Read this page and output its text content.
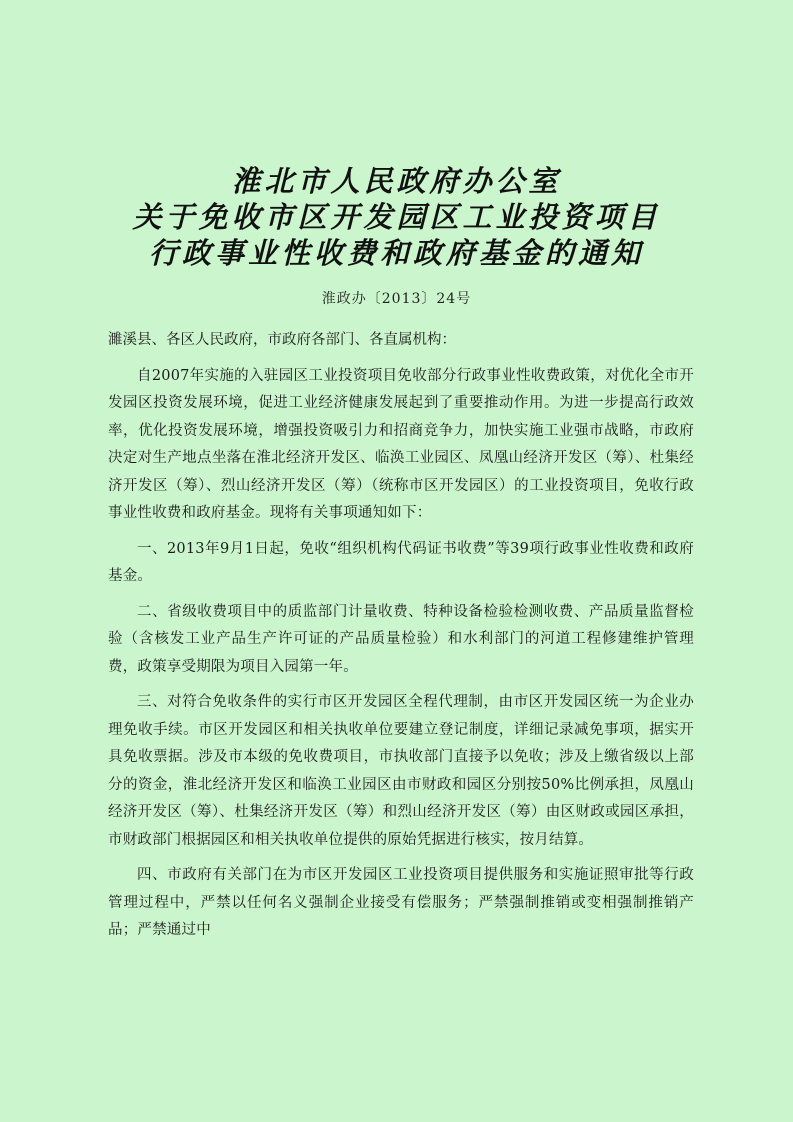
淮北市人民政府办公室
关于免收市区开发园区工业投资项目
行政事业性收费和政府基金的通知
淮政办〔2013〕24号

濉溪县、各区人民政府，市政府各部门、各直属机构：

自2007年实施的入驻园区工业投资项目免收部分行政事业性收费政策，对优化全市开发园区投资发展环境，促进工业经济健康发展起到了重要推动作用。为进一步提高行政效率，优化投资发展环境，增强投资吸引力和招商竞争力，加快实施工业强市战略，市政府决定对生产地点坐落在淮北经济开发区、临涣工业园区、凤凰山经济开发区（筹）、杜集经济开发区（筹）、烈山经济开发区（筹）（统称市区开发园区）的工业投资项目，免收行政事业性收费和政府基金。现将有关事项通知如下：

一、2013年9月1日起，免收“组织机构代码证书收费”等39项行政事业性收费和政府基金。

二、省级收费项目中的质监部门计量收费、特种设备检验检测收费、产品质量监督检验（含核发工业产品生产许可证的产品质量检验）和水利部门的河道工程修建维护管理费，政策享受期限为项目入园第一年。

三、对符合免收条件的实行市区开发园区全程代理制，由市区开发园区统一为企业办理免收手续。市区开发园区和相关执收单位要建立登记制度，详细记录减免事项，据实开具免收票据。涉及市本级的免收费项目，市执收部门直接予以免收；涉及上缴省级以上部分的资金，淮北经济开发区和临涣工业园区由市财政和园区分别按50%比例承担，凤凰山经济开发区（筹）、杜集经济开发区（筹）和烈山经济开发区（筹）由区财政或园区承担，市财政部门根据园区和相关执收单位提供的原始凭据进行核实，按月结算。

四、市政府有关部门在为市区开发园区工业投资项目提供服务和实施证照审批等行政管理过程中，严禁以任何名义强制企业接受有偿服务；严禁强制推销或变相强制推销产品；严禁通过中
